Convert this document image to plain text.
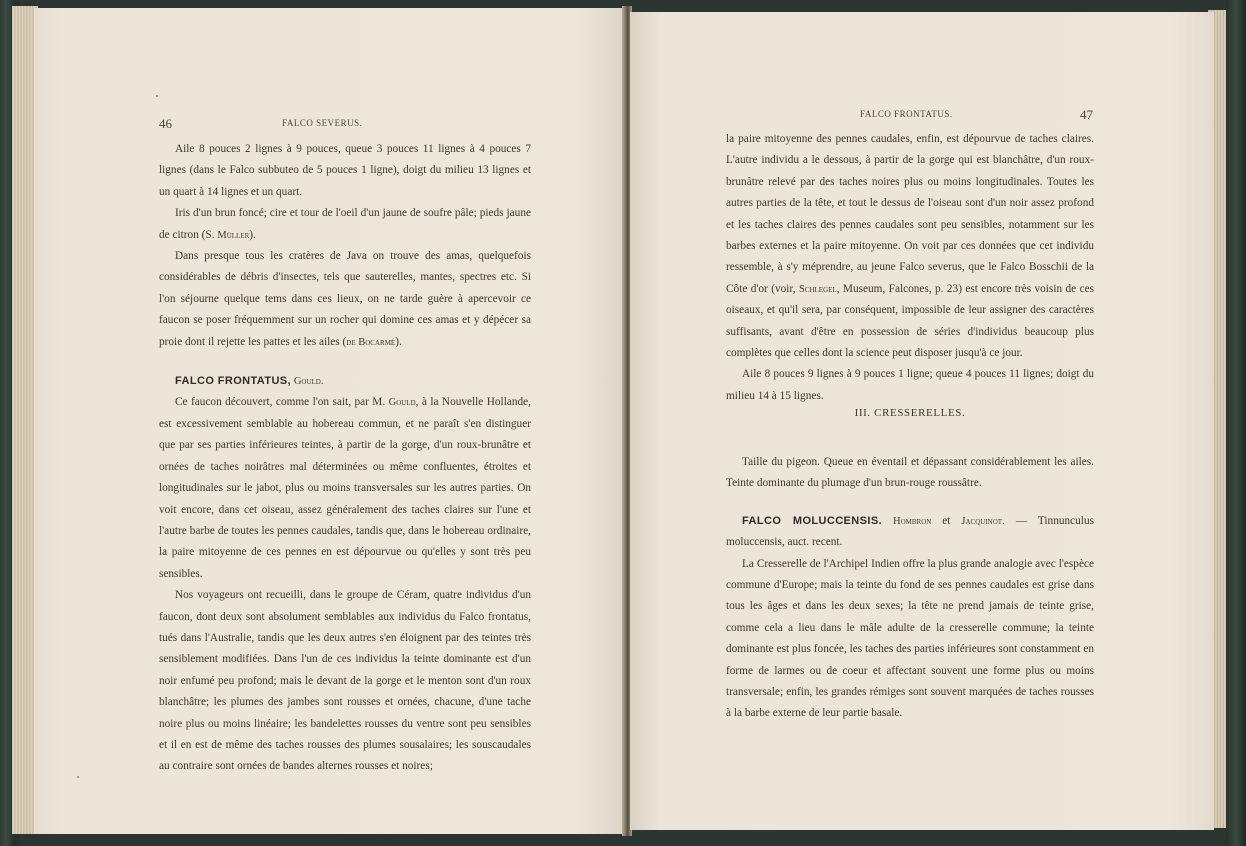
46	FALCO SEVERUS.

Aile 8 pouces 2 lignes à 9 pouces, queue 3 pouces 11 lignes à 4 pouces 7 lignes (dans le Falco subbuteo de 5 pouces 1 ligne), doigt du milieu 13 lignes et un quart à 14 lignes et un quart.

Iris d'un brun foncé; cire et tour de l'oeil d'un jaune de soufre pâle; pieds jaune de citron (S. Müller).

Dans presque tous les cratères de Java on trouve des amas, quelquefois considérables de débris d'insectes, tels que sauterelles, mantes, spectres etc. Si l'on séjourne quelque tems dans ces lieux, on ne tarde guère à apercevoir ce faucon se poser fréquemment sur un rocher qui domine ces amas et y dépécer sa proie dont il rejette les pattes et les ailes (de Bocarmé).

FALCO FRONTATUS, Gould.

Ce faucon découvert, comme l'on sait, par M. Gould, à la Nouvelle Hollande, est excessivement semblable au hobereau commun, et ne paraît s'en distinguer que par ses parties inférieures teintes, à partir de la gorge, d'un roux-brunâtre et ornées de taches noirâtres mal déterminées ou même confluentes, étroites et longitudinales sur le jabot, plus ou moins transversales sur les autres parties. On voit encore, dans cet oiseau, assez généralement des taches claires sur l'une et l'autre barbe de toutes les pennes caudales, tandis que, dans le hobereau ordinaire, la paire mitoyenne de ces pennes en est dépourvue ou qu'elles y sont très peu sensibles.

Nos voyageurs ont recueilli, dans le groupe de Céram, quatre individus d'un faucon, dont deux sont absolument semblables aux individus du Falco frontatus, tués dans l'Australie, tandis que les deux autres s'en éloignent par des teintes très sensiblement modifiées. Dans l'un de ces individus la teinte dominante est d'un noir enfumé peu profond; mais le devant de la gorge et le menton sont d'un roux blanchâtre; les plumes des jambes sont rousses et ornées, chacune, d'une tache noire plus ou moins linéaire; les bandelettes rousses du ventre sont peu sensibles et il en est de même des taches rousses des plumes sousalaires; les souscaudales au contraire sont ornées de bandes alternes rousses et noires;

FALCO FRONTATUS.	47

la paire mitoyenne des pennes caudales, enfin, est dépourvue de taches claires. L'autre individu a le dessous, à partir de la gorge qui est blanchâtre, d'un roux-brunâtre relevé par des taches noires plus ou moins longitudinales. Toutes les autres parties de la tête, et tout le dessus de l'oiseau sont d'un noir assez profond et les taches claires des pennes caudales sont peu sensibles, notamment sur les barbes externes et la paire mitoyenne. On voit par ces données que cet individu ressemble, à s'y méprendre, au jeune Falco severus, que le Falco Bosschii de la Côte d'or (voir, Schlegel, Museum, Falcones, p. 23) est encore très voisin de ces oiseaux, et qu'il sera, par conséquent, impossible de leur assigner des caractères suffisants, avant d'être en possession de séries d'individus beaucoup plus complètes que celles dont la science peut disposer jusqu'à ce jour.

Aile 8 pouces 9 lignes à 9 pouces 1 ligne; queue 4 pouces 11 lignes; doigt du milieu 14 à 15 lignes.

III. CRESSERELLES.

Taille du pigeon. Queue en éventail et dépassant considérablement les ailes. Teinte dominante du plumage d'un brun-rouge roussâtre.

FALCO MOLUCCENSIS. Hombron et Jacquinot. — Tinnunculus moluccensis, auct. recent.

La Cresserelle de l'Archipel Indien offre la plus grande analogie avec l'espèce commune d'Europe; mais la teinte du fond de ses pennes caudales est grise dans tous les âges et dans les deux sexes; la tête ne prend jamais de teinte grise, comme cela a lieu dans le mâle adulte de la cresserelle commune; la teinte dominante est plus foncée, les taches des parties inférieures sont constamment en forme de larmes ou de coeur et affectant souvent une forme plus ou moins transversale; enfin, les grandes rémiges sont souvent marquées de taches rousses à la barbe externe de leur partie basale.
